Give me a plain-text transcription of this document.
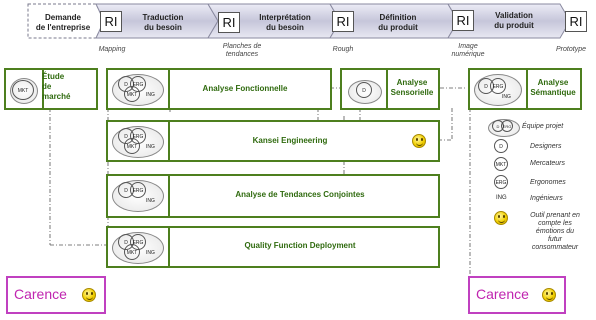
Demande
de l'entreprise
Traduction
du besoin
Interprétation
du besoin
Définition
du produit
Validation
du produit
RI	RI	RI	RI	RI
Mapping	Planches de
tendances
Rough	Image
numérique
Prototype
MKT
Étude
de
marché
Analyse Fonctionnelle	D
Analyse
Sensorielle
Analyse
Sémantique
Kansei Engineering
Analyse de Tendances Conjointes
Quality Function Deployment
D ERG
MKT	ING
D ERG
MKT	ING
D ERG
ING
D ERG
MKT	ING
D ERG
ING
D ERG Équipe projet
D	Designers
MKT	Mercateurs
ERG	Ergonomes
ING	Ingénieurs
Outil prenant en
compte les
émotions du
futur
consommateur
Carence	Carence
